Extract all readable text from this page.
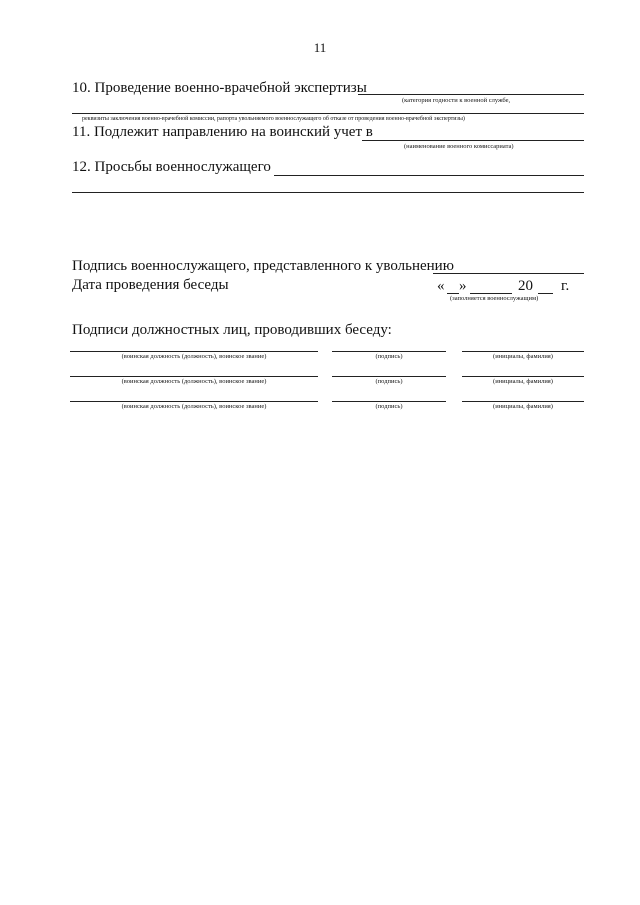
11
10. Проведение военно-врачебной экспертизы
(категория годности к военной службе,
реквизиты заключения военно-врачебной комиссии, рапорта увольняемого военнослужащего об отказе от проведения военно-врачебной экспертизы)
11. Подлежит направлению на воинский учет в
(наименование военного комиссариата)
12. Просьбы военнослужащего
Подпись военнослужащего, представленного к увольнению
Дата проведения беседы	« »	20 г.
(заполняется военнослужащим)
Подписи должностных лиц, проводивших беседу:
(воинская должность (должность), воинское звание)	(подпись)	(инициалы, фамилия)
(воинская должность (должность), воинское звание)	(подпись)	(инициалы, фамилия)
(воинская должность (должность), воинское звание)	(подпись)	(инициалы, фамилия)
